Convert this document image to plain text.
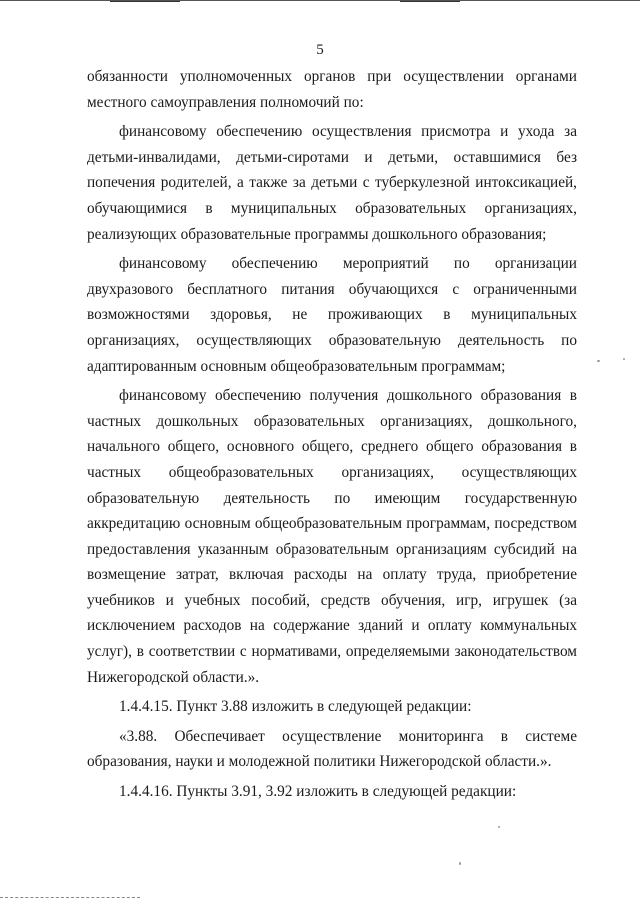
5

обязанности уполномоченных органов при осуществлении органами местного самоуправления полномочий по:

финансовому обеспечению осуществления присмотра и ухода за детьми-инвалидами, детьми-сиротами и детьми, оставшимися без попечения родителей, а также за детьми с туберкулезной интоксикацией, обучающимися в муниципальных образовательных организациях, реализующих образовательные программы дошкольного образования;

финансовому обеспечению мероприятий по организации двухразового бесплатного питания обучающихся с ограниченными возможностями здоровья, не проживающих в муниципальных организациях, осуществляющих образовательную деятельность по адаптированным основным общеобразовательным программам;

финансовому обеспечению получения дошкольного образования в частных дошкольных образовательных организациях, дошкольного, начального общего, основного общего, среднего общего образования в частных общеобразовательных организациях, осуществляющих образовательную деятельность по имеющим государственную аккредитацию основным общеобразовательным программам, посредством предоставления указанным образовательным организациям субсидий на возмещение затрат, включая расходы на оплату труда, приобретение учебников и учебных пособий, средств обучения, игр, игрушек (за исключением расходов на содержание зданий и оплату коммунальных услуг), в соответствии с нормативами, определяемыми законодательством Нижегородской области.».

1.4.4.15. Пункт 3.88 изложить в следующей редакции:

«3.88. Обеспечивает осуществление мониторинга в системе образования, науки и молодежной политики Нижегородской области.».

1.4.4.16. Пункты 3.91, 3.92 изложить в следующей редакции:
